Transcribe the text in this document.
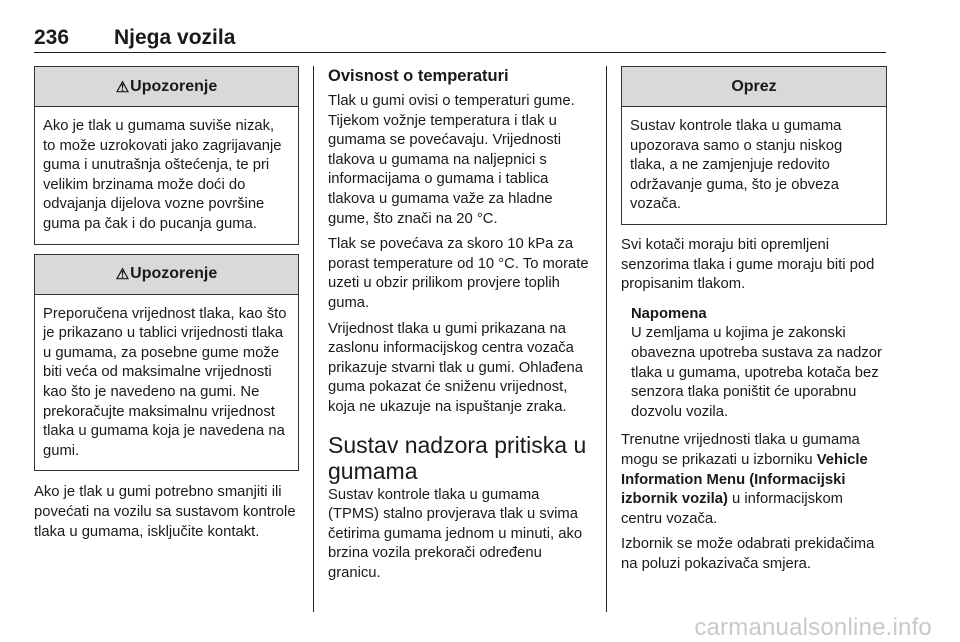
236 Njega vozila
⚠ Upozorenje
Ako je tlak u gumama suviše nizak, to može uzrokovati jako zagrijavanje guma i unutrašnja oštećenja, te pri velikim brzinama može doći do odvajanja dijelova vozne površine guma pa čak i do pucanja guma.
⚠ Upozorenje
Preporučena vrijednost tlaka, kao što je prikazano u tablici vrijednosti tlaka u gumama, za posebne gume može biti veća od maksimalne vrijednosti kao što je navedeno na gumi. Ne prekoračujte maksimalnu vrijednost tlaka u gumama koja je navedena na gumi.

Ako je tlak u gumi potrebno smanjiti ili povećati na vozilu sa sustavom kontrole tlaka u gumama, isključite kontakt.

Ovisnost o temperaturi

Tlak u gumi ovisi o temperaturi gume. Tijekom vožnje temperatura i tlak u gumama se povećavaju. Vrijednosti tlakova u gumama na naljepnici s informacijama o gumama i tablica tlakova u gumama važe za hladne gume, što znači na 20 °C.

Tlak se povećava za skoro 10 kPa za porast temperature od 10 °C. To morate uzeti u obzir prilikom provjere toplih guma.

Vrijednost tlaka u gumi prikazana na zaslonu informacijskog centra vozača prikazuje stvarni tlak u gumi. Ohlađena guma pokazat će sniženu vrijednost, koja ne ukazuje na ispuštanje zraka.

Sustav nadzora pritiska u gumama

Sustav kontrole tlaka u gumama (TPMS) stalno provjerava tlak u svima četirima gumama jednom u minuti, ako brzina vozila prekorači određenu granicu.

Oprez
Sustav kontrole tlaka u gumama upozorava samo o stanju niskog tlaka, a ne zamjenjuje redovito održavanje guma, što je obveza vozača.

Svi kotači moraju biti opremljeni senzorima tlaka i gume moraju biti pod propisanim tlakom.

Napomena
U zemljama u kojima je zakonski obavezna upotreba sustava za nadzor tlaka u gumama, upotreba kotača bez senzora tlaka poništit će uporabnu dozvolu vozila.

Trenutne vrijednosti tlaka u gumama mogu se prikazati u izborniku Vehicle Information Menu (Informacijski izbornik vozila) u informacijskom centru vozača.

Izbornik se može odabrati prekidačima na poluzi pokazivača smjera.

carmanualsonline.info
